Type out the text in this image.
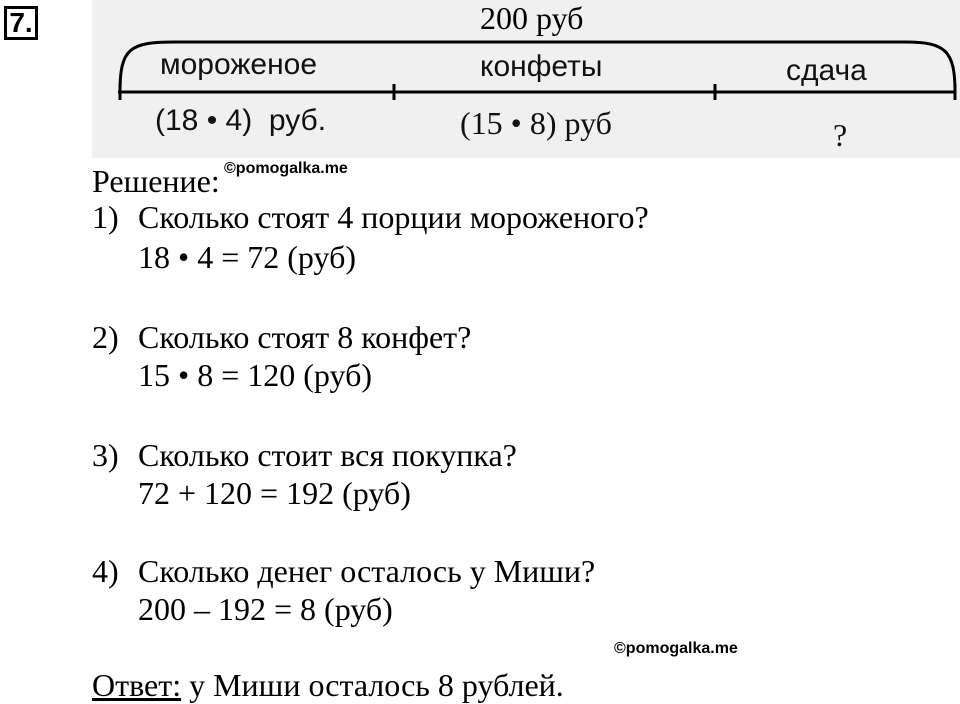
7.	200 руб
мороженое	конфеты	сдача
(18 • 4)  руб.	(15 • 8) руб	?
Решение: ©pomogalka.me
1) Сколько стоят 4 порции мороженого?
18 • 4 = 72 (руб)
2) Сколько стоят 8 конфет?
15 • 8 = 120 (руб)
3) Сколько стоит вся покупка?
72 + 120 = 192 (руб)
4) Сколько денег осталось у Миши?
200 – 192 = 8 (руб)
©pomogalka.me
Ответ: у Миши осталось 8 рублей.
